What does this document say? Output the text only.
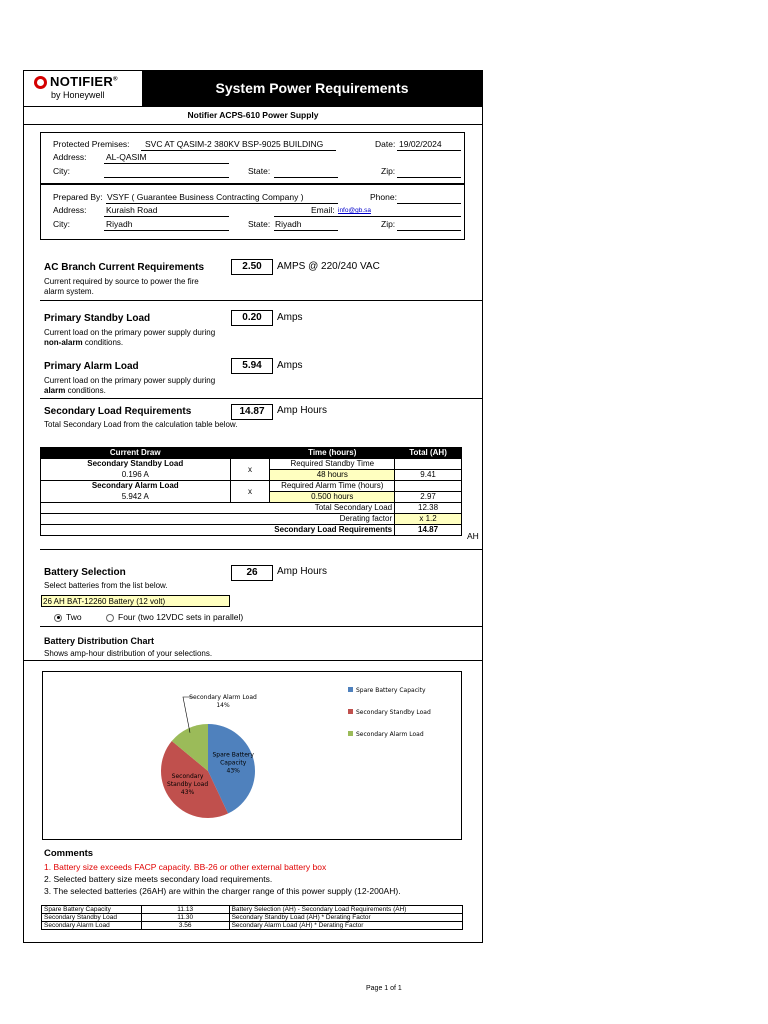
NOTIFIER®
by Honeywell	System Power Requirements
Notifier ACPS-610 Power Supply
Protected Premises: SVC AT QASIM-2 380KV BSP-9025 BUILDING	Date: 19/02/2024
Address: AL-QASIM
City:	State:	Zip:
Prepared By: VSYF ( Guarantee Business Contracting Company )	Phone:
Address: Kuraish Road	Email: info@gb.sa
City:	Riyadh	State: Riyadh	Zip:
AC Branch Current Requirements
Current required by source to power the fire
alarm system.
2.50	AMPS @ 220/240 VAC
Primary Standby Load
Current load on the primary power supply during
non-alarm conditions.
0.20	Amps
Primary Alarm Load
Current load on the primary power supply during
alarm conditions.
5.94	Amps
Secondary Load Requirements
Total Secondary Load from the calculation table below.
14.87	Amp Hours
Current Draw		Time (hours)	Total (AH)
Secondary Standby Load	x	Required Standby Time	
0.196 A		48 hours	9.41
Secondary Alarm Load	x	Required Alarm Time (hours)	
5.942 A		0.500 hours	2.97
Total Secondary Load			12.38
Derating factor			x 1.2
Secondary Load Requirements			14.87
AH
Battery Selection
Select batteries from the list below.
26	Amp Hours
26 AH BAT-12260 Battery (12 volt)
Two	Four (two 12VDC sets in parallel)
Battery Distribution Chart
Shows amp-hour distribution of your selections.
Spare Battery
Capacity
43%
Secondary
Standby Load
43%
Secondary Alarm Load
14%
Spare Battery Capacity
Secondary Standby Load
Secondary Alarm Load
Comments
1. Battery size exceeds FACP capacity. BB-26 or other external battery box
2. Selected battery size meets secondary load requirements.
3. The selected batteries (26AH) are within the charger range of this power supply (12-200AH).
Spare Battery Capacity	11.13	Battery Selection (AH) - Secondary Load Requirements (AH)
Secondary Standby Load	11.30	Secondary Standby Load (AH) * Derating Factor
Secondary Alarm Load	3.56	Secondary Alarm Load (AH) * Derating Factor
Page 1 of 1
